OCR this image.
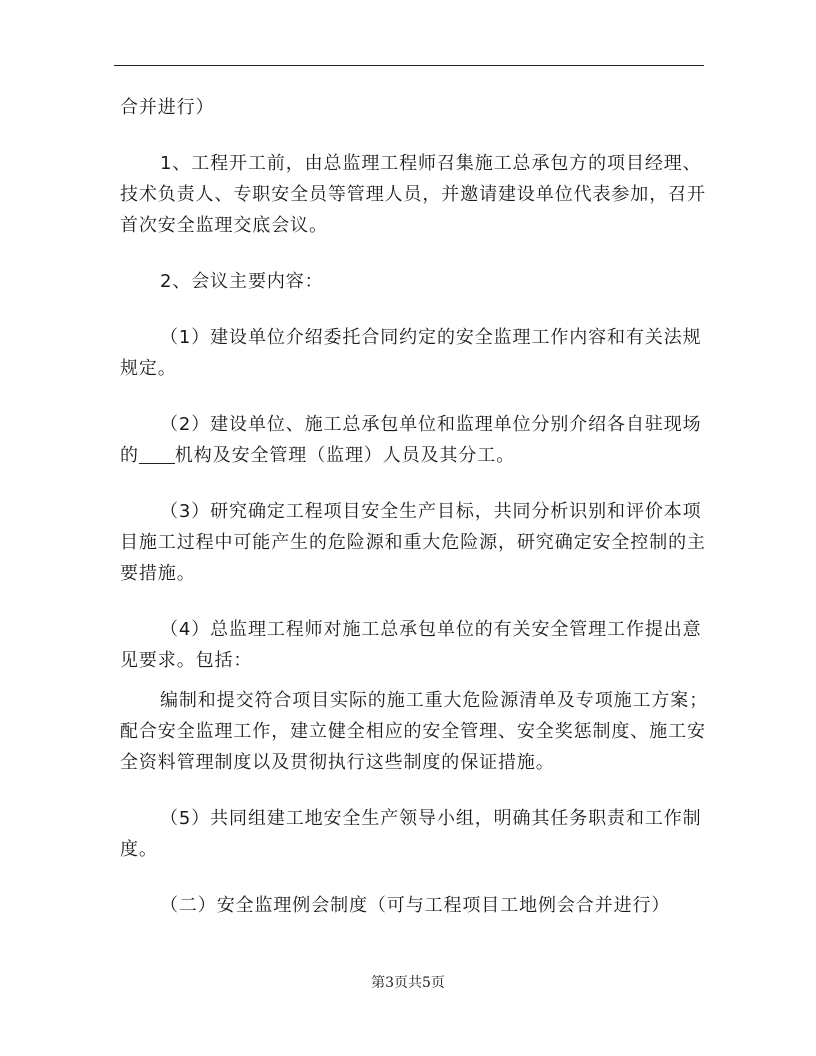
合并进行）

1、工程开工前，由总监理工程师召集施工总承包方的项目经理、技术负责人、专职安全员等管理人员，并邀请建设单位代表参加，召开首次安全监理交底会议。

2、会议主要内容：

（1）建设单位介绍委托合同约定的安全监理工作内容和有关法规规定。

（2）建设单位、施工总承包单位和监理单位分别介绍各自驻现场的 机构及安全管理（监理）人员及其分工。

（3）研究确定工程项目安全生产目标，共同分析识别和评价本项目施工过程中可能产生的危险源和重大危险源，研究确定安全控制的主要措施。

（4）总监理工程师对施工总承包单位的有关安全管理工作提出意见要求。包括：

编制和提交符合项目实际的施工重大危险源清单及专项施工方案；配合安全监理工作，建立健全相应的安全管理、安全奖惩制度、施工安全资料管理制度以及贯彻执行这些制度的保证措施。

（5）共同组建工地安全生产领导小组，明确其任务职责和工作制度。

（二）安全监理例会制度（可与工程项目工地例会合并进行）

第3页共5页
